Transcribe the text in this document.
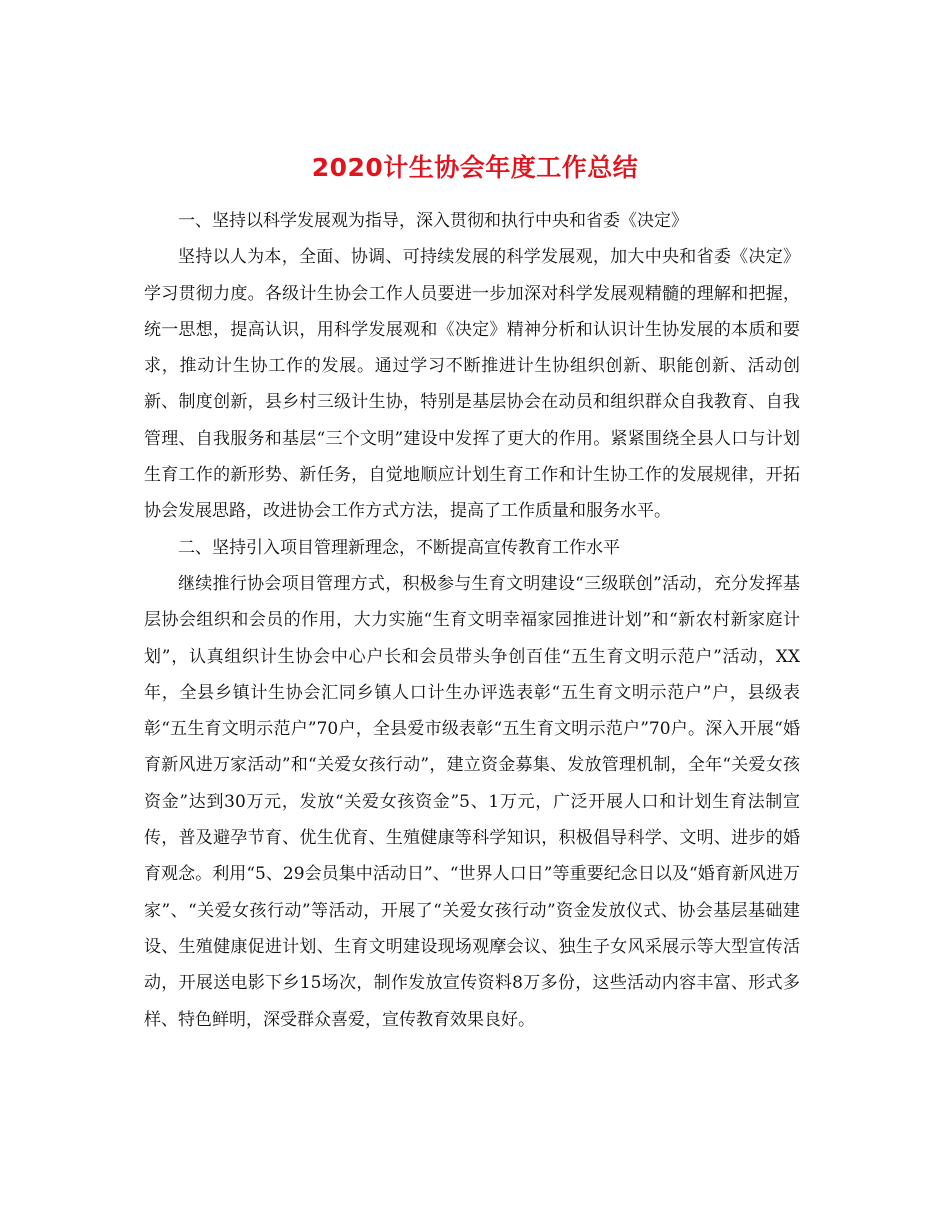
2020计生协会年度工作总结

一、坚持以科学发展观为指导，深入贯彻和执行中央和省委《决定》

坚持以人为本，全面、协调、可持续发展的科学发展观，加大中央和省委《决定》学习贯彻力度。各级计生协会工作人员要进一步加深对科学发展观精髓的理解和把握，统一思想，提高认识，用科学发展观和《决定》精神分析和认识计生协发展的本质和要求，推动计生协工作的发展。通过学习不断推进计生协组织创新、职能创新、活动创新、制度创新，县乡村三级计生协，特别是基层协会在动员和组织群众自我教育、自我管理、自我服务和基层“三个文明”建设中发挥了更大的作用。紧紧围绕全县人口与计划生育工作的新形势、新任务，自觉地顺应计划生育工作和计生协工作的发展规律，开拓协会发展思路，改进协会工作方式方法，提高了工作质量和服务水平。

二、坚持引入项目管理新理念，不断提高宣传教育工作水平

继续推行协会项目管理方式，积极参与生育文明建设“三级联创”活动，充分发挥基层协会组织和会员的作用，大力实施“生育文明幸福家园推进计划”和“新农村新家庭计划”，认真组织计生协会中心户长和会员带头争创百佳“五生育文明示范户”活动，XX年，全县乡镇计生协会汇同乡镇人口计生办评选表彰“五生育文明示范户”户，县级表彰“五生育文明示范户”70户，全县爱市级表彰“五生育文明示范户”70户。深入开展“婚育新风进万家活动”和“关爱女孩行动”，建立资金募集、发放管理机制，全年“关爱女孩资金”达到30万元，发放“关爱女孩资金”5、1万元，广泛开展人口和计划生育法制宣传，普及避孕节育、优生优育、生殖健康等科学知识，积极倡导科学、文明、进步的婚育观念。利用“5、29会员集中活动日”、“世界人口日”等重要纪念日以及“婚育新风进万家”、“关爱女孩行动”等活动，开展了“关爱女孩行动”资金发放仪式、协会基层基础建设、生殖健康促进计划、生育文明建设现场观摩会议、独生子女风采展示等大型宣传活动，开展送电影下乡15场次，制作发放宣传资料8万多份，这些活动内容丰富、形式多样、特色鲜明，深受群众喜爱，宣传教育效果良好。
